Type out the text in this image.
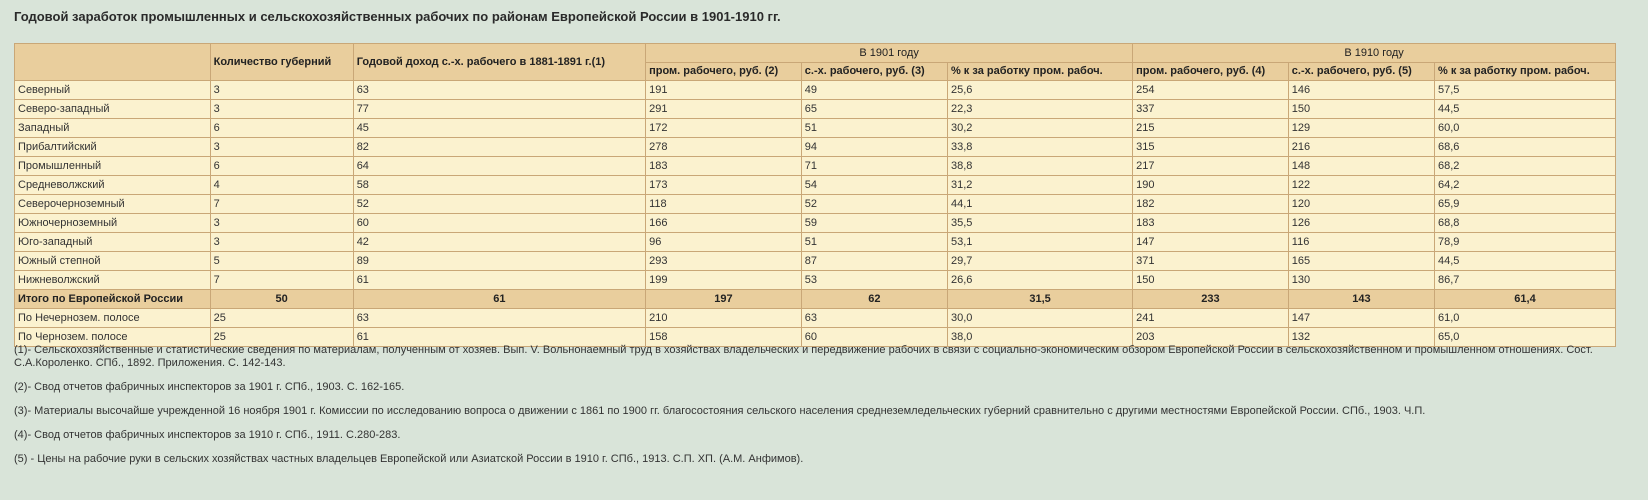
Годовой заработок промышленных и сельскохозяйственных рабочих по районам Европейской России в 1901-1910 гг.
	Количество губерний	Годовой доход с.-х. рабочего в 1881-1891 г.(1)	В 1901 году			В 1910 году		
			пром. рабочего, руб. (2)	с.-х. рабочего, руб. (3)	% к за работку пром. рабоч.	пром. рабочего, руб. (4)	с.-х. рабочего, руб. (5)	% к за работку пром. рабоч.
Северный	3	63	191	49	25,6	254	146	57,5
Северо-западный	3	77	291	65	22,3	337	150	44,5
Западный	6	45	172	51	30,2	215	129	60,0
Прибалтийский	3	82	278	94	33,8	315	216	68,6
Промышленный	6	64	183	71	38,8	217	148	68,2
Средневолжский	4	58	173	54	31,2	190	122	64,2
Северочерноземный	7	52	118	52	44,1	182	120	65,9
Южночерноземный	3	60	166	59	35,5	183	126	68,8
Юго-западный	3	42	96	51	53,1	147	116	78,9
Южный степной	5	89	293	87	29,7	371	165	44,5
Нижневолжский	7	61	199	53	26,6	150	130	86,7
Итого по Европейской России	50	61	197	62	31,5	233	143	61,4
По Нечернозем. полосе	25	63	210	63	30,0	241	147	61,0
По Чернозем. полосе	25	61	158	60	38,0	203	132	65,0

(1)- Сельскохозяйственные и статистические сведения по материалам, полученным от хозяев. Вып. V. Вольнонаемный труд в хозяйствах владельческих и передвижение рабочих в связи с социально-экономическим обзором Европейской России в сельскохозяйственном и промышленном отношениях. Сост. С.А.Короленко. СПб., 1892. Приложения. С. 142-143.

(2)- Свод отчетов фабричных инспекторов за 1901 г. СПб., 1903. С. 162-165.

(3)- Материалы высочайше учрежденной 16 ноября 1901 г. Комиссии по исследованию вопроса о движении с 1861 по 1900 гг. благосостояния сельского населения среднеземледельческих губерний сравнительно с другими местностями Европейской России. СПб., 1903. Ч.П.

(4)- Свод отчетов фабричных инспекторов за 1910 г. СПб., 1911. С.280-283.

(5) - Цены на рабочие руки в сельских хозяйствах частных владельцев Европейской или Азиатской России в 1910 г. СПб., 1913. С.П. ХП. (А.М. Анфимов).
